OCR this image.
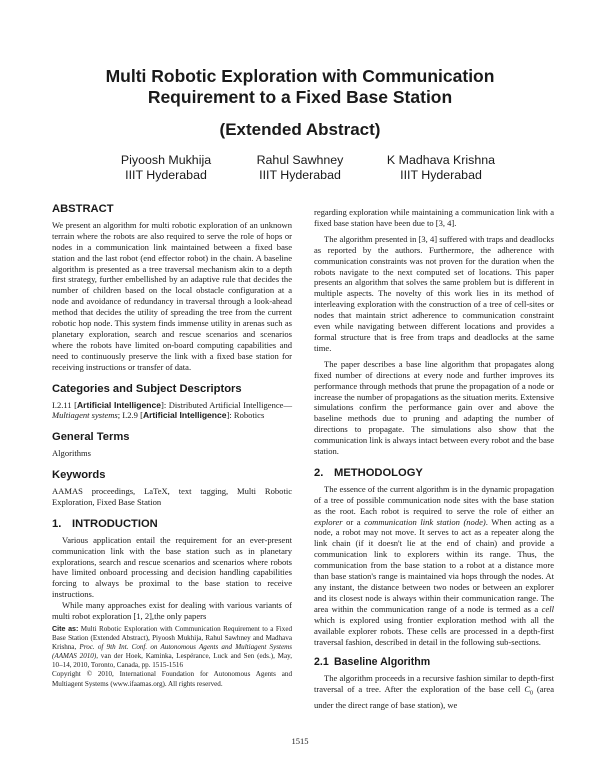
Multi Robotic Exploration with Communication
Requirement to a Fixed Base Station
(Extended Abstract)
Piyoosh Mukhija
IIIT Hyderabad
Rahul Sawhney
IIIT Hyderabad
K Madhava Krishna
IIIT Hyderabad
ABSTRACT

We present an algorithm for multi robotic exploration of an unknown terrain where the robots are also required to serve the role of hops or nodes in a communication link maintained between a fixed base station and the last robot (end effector robot) in the chain. A baseline algorithm is presented as a tree traversal mechanism akin to a depth first strategy, further embellished by an adaptive rule that decides the number of children based on the local obstacle configuration at a node and avoidance of redundancy in traversal through a look-ahead method that decides the utility of spreading the tree from the current robotic hop node. This system finds immense utility in arenas such as planetary exploration, search and rescue scenarios and scenarios where the robots have limited on-board computing capabilities and need to continuously preserve the link with a fixed base station for receiving instructions or transfer of data.

Categories and Subject Descriptors

I.2.11 [Artificial Intelligence]: Distributed Artificial Intelligence—Multiagent systems; I.2.9 [Artificial Intelligence]: Robotics

General Terms

Algorithms

Keywords

AAMAS proceedings, LaTeX, text tagging, Multi Robotic Exploration, Fixed Base Station

1. INTRODUCTION

Various application entail the requirement for an ever-present communication link with the base station such as in planetary explorations, search and rescue scenarios and scenarios where robots have limited onboard processing and decision handling capabilities forcing to always be proximal to the base station to receive instructions.

While many approaches exist for dealing with various variants of multi robot exploration [1, 2],the only papers

Cite as: Multi Robotic Exploration with Communication Requirement to a Fixed Base Station (Extended Abstract), Piyoosh Mukhija, Rahul Sawhney and Madhava Krishna, Proc. of 9th Int. Conf. on Autonomous Agents and Multiagent Systems (AAMAS 2010), van der Hoek, Kaminka, Lespérance, Luck and Sen (eds.), May, 10–14, 2010, Toronto, Canada, pp. 1515-1516
Copyright © 2010, International Foundation for Autonomous Agents and Multiagent Systems (www.ifaamas.org). All rights reserved.

regarding exploration while maintaining a communication link with a fixed base station have been due to [3, 4].

The algorithm presented in [3, 4] suffered with traps and deadlocks as reported by the authors. Furthermore, the adherence with communication constraints was not proven for the duration when the robots navigate to the next computed set of locations. This paper presents an algorithm that solves the same problem but is different in multiple aspects. The novelty of this work lies in its method of interleaving exploration with the construction of a tree of cell-sites or nodes that maintain strict adherence to communication constraint even while navigating between different locations and provides a formal structure that is free from traps and deadlocks at the same time.

The paper describes a base line algorithm that propagates along fixed number of directions at every node and further improves its performance through methods that prune the propagation of a node or increase the number of propagations as the situation merits. Extensive simulations confirm the performance gain over and above the baseline methods due to pruning and adapting the number of directions to propagate. The simulations also show that the communication link is always intact between every robot and the base station.

2. METHODOLOGY

The essence of the current algorithm is in the dynamic propagation of a tree of possible communication node sites with the base station as the root. Each robot is required to serve the role of either an explorer or a communication link station (node). When acting as a node, a robot may not move. It serves to act as a repeater along the link chain (if it doesn't lie at the end of chain) and provide a communication link to explorers within its range. Thus, the communication from the base station to a robot at a distance more than base station's range is maintained via hops through the nodes. At any instant, the distance between two nodes or between an explorer and its closest node is always within their communication range. The area within the communication range of a node is termed as a cell which is explored using frontier exploration method with all the available explorer robots. These cells are processed in a depth-first traversal fashion, described in detail in the following sub-sections.

2.1 Baseline Algorithm

The algorithm proceeds in a recursive fashion similar to depth-first traversal of a tree. After the exploration of the base cell $C_0$ (area under the direct range of base station), we

1515
